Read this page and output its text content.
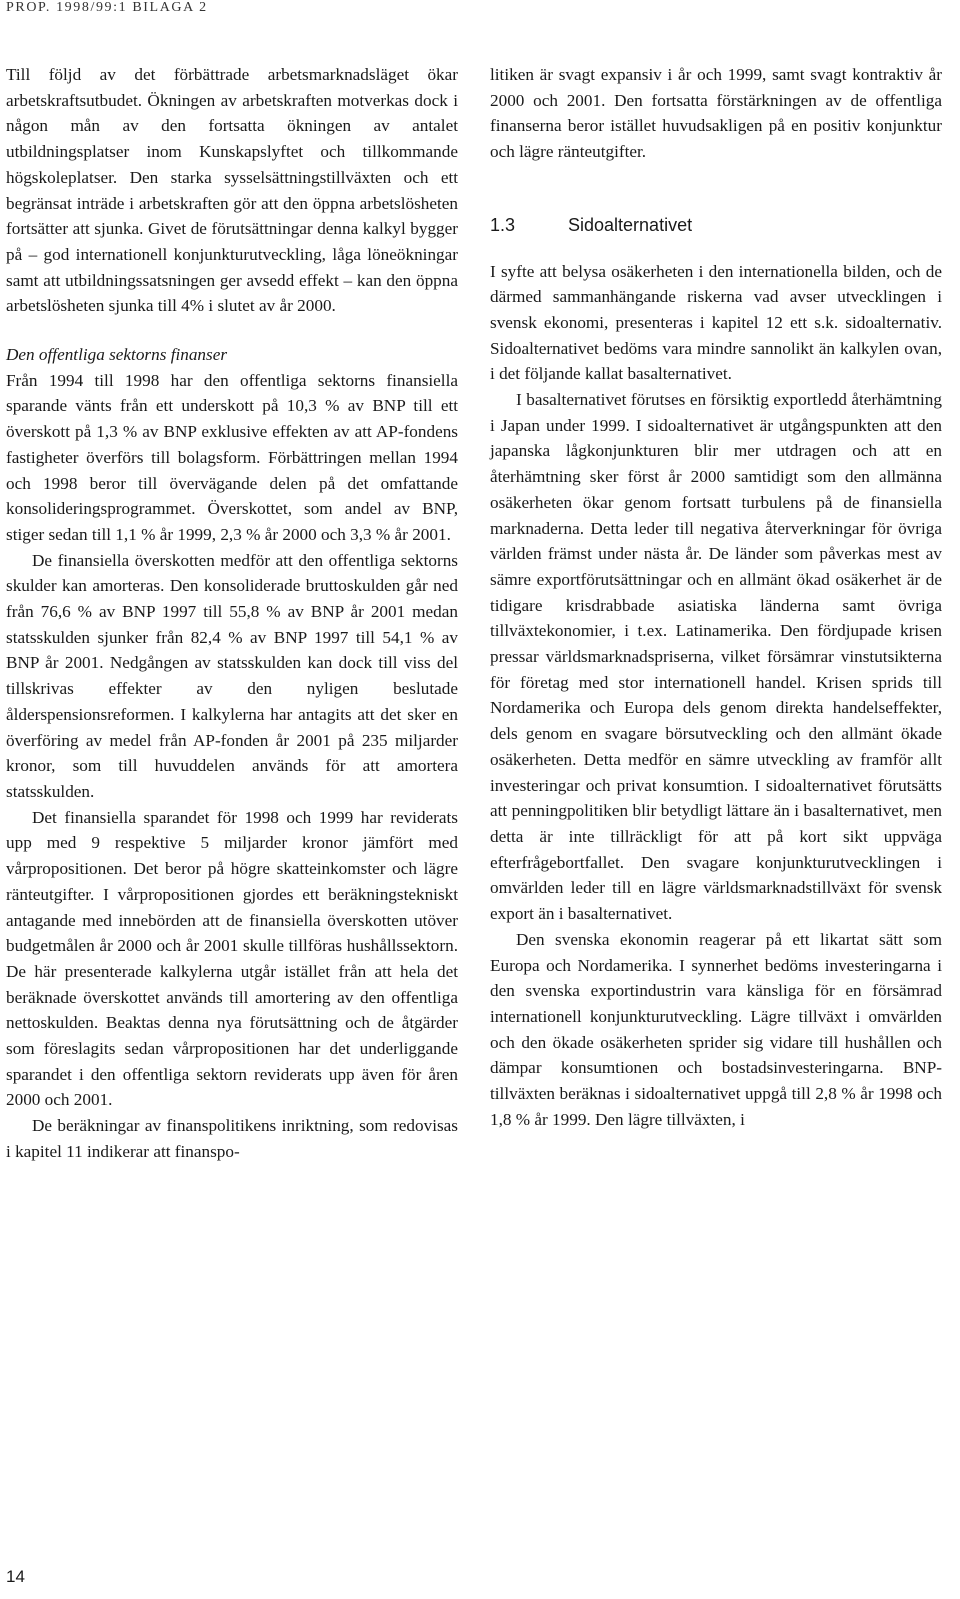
PROP. 1998/99:1 BILAGA 2

Till följd av det förbättrade arbetsmarknadsläget ökar arbetskraftsutbudet. Ökningen av arbetskraften motverkas dock i någon mån av den fortsatta ökningen av antalet utbildningsplatser inom Kunskapslyftet och tillkommande högskoleplatser. Den starka sysselsättningstillväxten och ett begränsat inträde i arbetskraften gör att den öppna arbetslösheten fortsätter att sjunka. Givet de förutsättningar denna kalkyl bygger på – god internationell konjunkturutveckling, låga löneökningar samt att utbildningssatsningen ger avsedd effekt – kan den öppna arbetslösheten sjunka till 4% i slutet av år 2000.

Den offentliga sektorns finanser

Från 1994 till 1998 har den offentliga sektorns finansiella sparande vänts från ett underskott på 10,3 % av BNP till ett överskott på 1,3 % av BNP exklusive effekten av att AP-fondens fastigheter överförs till bolagsform. Förbättringen mellan 1994 och 1998 beror till övervägande delen på det omfattande konsolideringsprogrammet. Överskottet, som andel av BNP, stiger sedan till 1,1 % år 1999, 2,3 % år 2000 och 3,3 % år 2001.

De finansiella överskotten medför att den offentliga sektorns skulder kan amorteras. Den konsoliderade bruttoskulden går ned från 76,6 % av BNP 1997 till 55,8 % av BNP år 2001 medan statsskulden sjunker från 82,4 % av BNP 1997 till 54,1 % av BNP år 2001. Nedgången av statsskulden kan dock till viss del tillskrivas effekter av den nyligen beslutade ålderspensionsreformen. I kalkylerna har antagits att det sker en överföring av medel från AP-fonden år 2001 på 235 miljarder kronor, som till huvuddelen används för att amortera statsskulden.

Det finansiella sparandet för 1998 och 1999 har reviderats upp med 9 respektive 5 miljarder kronor jämfört med vårpropositionen. Det beror på högre skatteinkomster och lägre ränteutgifter. I vårpropositionen gjordes ett beräkningstekniskt antagande med innebörden att de finansiella överskotten utöver budgetmålen år 2000 och år 2001 skulle tillföras hushållssektorn. De här presenterade kalkylerna utgår istället från att hela det beräknade överskottet används till amortering av den offentliga nettoskulden. Beaktas denna nya förutsättning och de åtgärder som föreslagits sedan vårpropositionen har det underliggande sparandet i den offentliga sektorn reviderats upp även för åren 2000 och 2001.

De beräkningar av finanspolitikens inriktning, som redovisas i kapitel 11 indikerar att finanspo-

litiken är svagt expansiv i år och 1999, samt svagt kontraktiv år 2000 och 2001. Den fortsatta förstärkningen av de offentliga finanserna beror istället huvudsakligen på en positiv konjunktur och lägre ränteutgifter.

1.3	Sidoalternativet

I syfte att belysa osäkerheten i den internationella bilden, och de därmed sammanhängande riskerna vad avser utvecklingen i svensk ekonomi, presenteras i kapitel 12 ett s.k. sidoalternativ. Sidoalternativet bedöms vara mindre sannolikt än kalkylen ovan, i det följande kallat basalternativet.

I basalternativet förutses en försiktig exportledd återhämtning i Japan under 1999. I sidoalternativet är utgångspunkten att den japanska lågkonjunkturen blir mer utdragen och att en återhämtning sker först år 2000 samtidigt som den allmänna osäkerheten ökar genom fortsatt turbulens på de finansiella marknaderna. Detta leder till negativa återverkningar för övriga världen främst under nästa år. De länder som påverkas mest av sämre exportförutsättningar och en allmänt ökad osäkerhet är de tidigare krisdrabbade asiatiska länderna samt övriga tillväxtekonomier, i t.ex. Latinamerika. Den fördjupade krisen pressar världsmarknadspriserna, vilket försämrar vinstutsikterna för företag med stor internationell handel. Krisen sprids till Nordamerika och Europa dels genom direkta handelseffekter, dels genom en svagare börsutveckling och den allmänt ökade osäkerheten. Detta medför en sämre utveckling av framför allt investeringar och privat konsumtion. I sidoalternativet förutsätts att penningpolitiken blir betydligt lättare än i basalternativet, men detta är inte tillräckligt för att på kort sikt uppväga efterfrågebortfallet. Den svagare konjunkturutvecklingen i omvärlden leder till en lägre världsmarknadstillväxt för svensk export än i basalternativet.

Den svenska ekonomin reagerar på ett likartat sätt som Europa och Nordamerika. I synnerhet bedöms investeringarna i den svenska exportindustrin vara känsliga för en försämrad internationell konjunkturutveckling. Lägre tillväxt i omvärlden och den ökade osäkerheten sprider sig vidare till hushållen och dämpar konsumtionen och bostadsinvesteringarna. BNP-tillväxten beräknas i sidoalternativet uppgå till 2,8 % år 1998 och 1,8 % år 1999. Den lägre tillväxten, i

14
